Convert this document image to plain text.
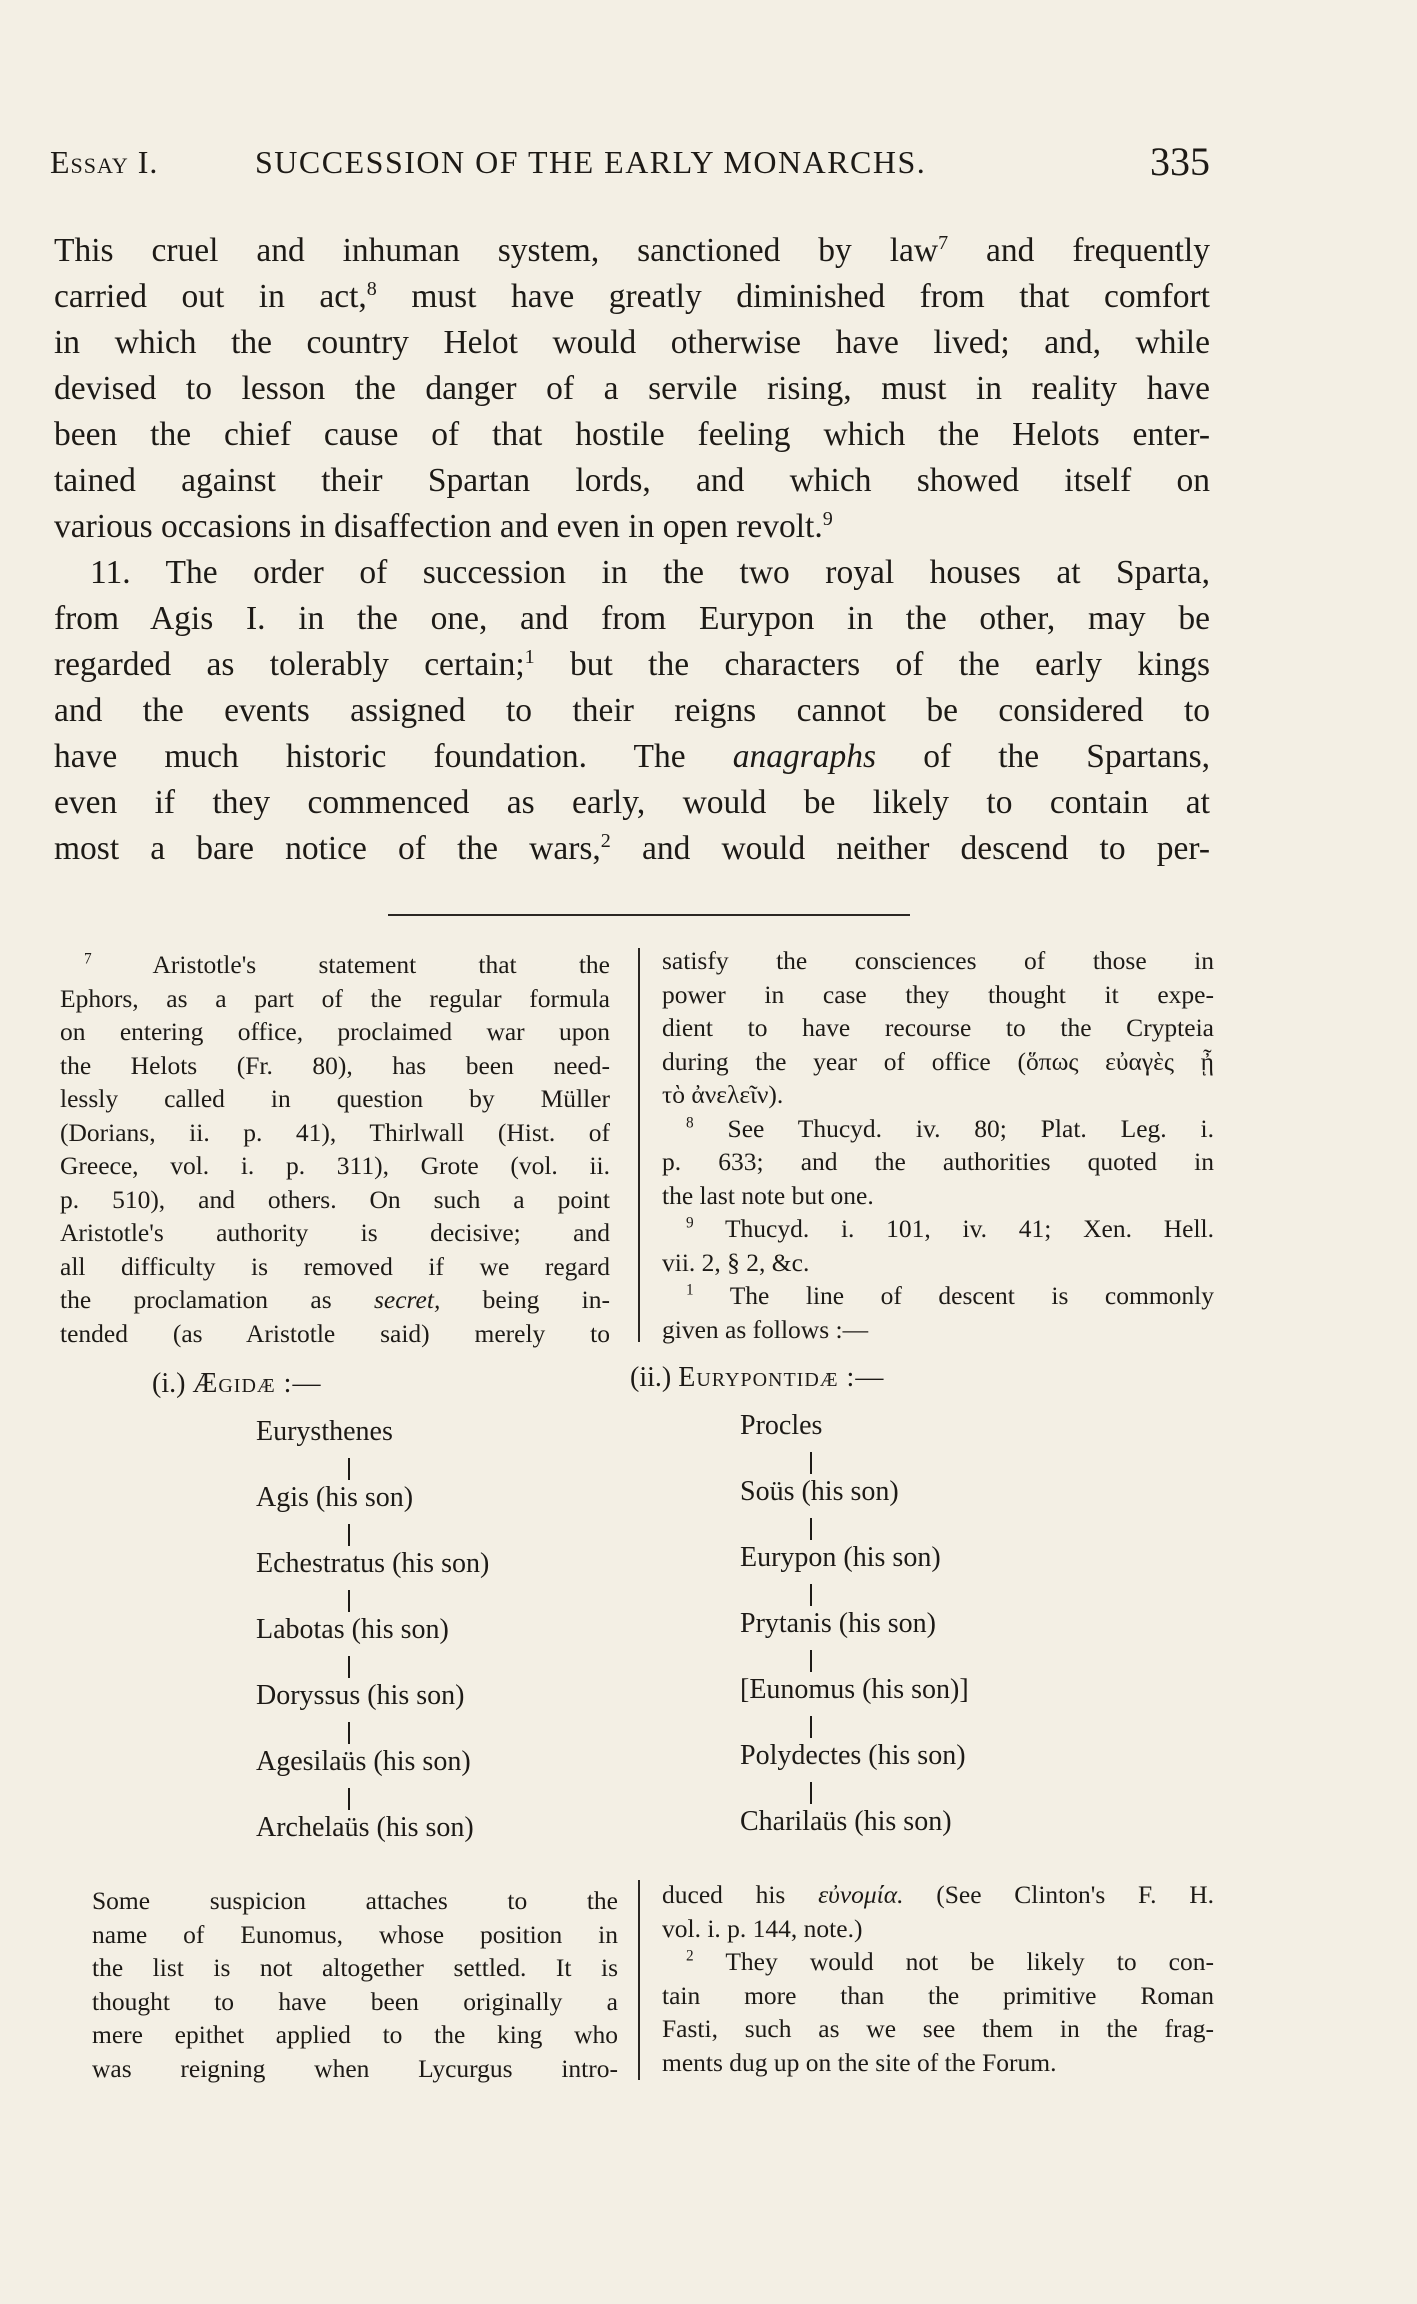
Essay I.	SUCCESSION OF THE EARLY MONARCHS.	335
This cruel and inhuman system, sanctioned by law$^7$ and frequently
carried out in act,$^8$ must have greatly diminished from that comfort
in which the country Helot would otherwise have lived; and, while
devised to lesson the danger of a servile rising, must in reality have
been the chief cause of that hostile feeling which the Helots enter-
tained against their Spartan lords, and which showed itself on
various occasions in disaffection and even in open revolt.$^9$
11. The order of succession in the two royal houses at Sparta,
from Agis I. in the one, and from Eurypon in the other, may be
regarded as tolerably certain;$^1$ but the characters of the early kings
and the events assigned to their reigns cannot be considered to
have much historic foundation. The anagraphs of the Spartans,
even if they commenced as early, would be likely to contain at
most a bare notice of the wars,$^2$ and would neither descend to per-
$^7$ Aristotle's statement that the
Ephors, as a part of the regular formula
on entering office, proclaimed war upon
the Helots (Fr. 80), has been need-
lessly called in question by Müller
(Dorians, ii. p. 41), Thirlwall (Hist. of
Greece, vol. i. p. 311), Grote (vol. ii.
p. 510), and others. On such a point
Aristotle's authority is decisive; and
all difficulty is removed if we regard
the proclamation as secret, being in-
tended (as Aristotle said) merely to
satisfy the consciences of those in
power in case they thought it expe-
dient to have recourse to the Crypteia
during the year of office (ὅπως εὐαγὲς ᾖ
τὸ ἀνελεῖν).
$^8$ See Thucyd. iv. 80; Plat. Leg. i.
p. 633; and the authorities quoted in
the last note but one.
$^9$ Thucyd. i. 101, iv. 41; Xen. Hell.
vii. 2, § 2, &c.
$^1$ The line of descent is commonly
given as follows :—
(i.) Ægidæ :—
Eurysthenes
Agis (his son)
Echestratus (his son)
Labotas (his son)
Doryssus (his son)
Agesilaüs (his son)
Archelaüs (his son)
(ii.) Eurypontidæ :—
Procles
Soüs (his son)
Eurypon (his son)
Prytanis (his son)
[Eunomus (his son)]
Polydectes (his son)
Charilaüs (his son)
Some suspicion attaches to the
name of Eunomus, whose position in
the list is not altogether settled. It is
thought to have been originally a
mere epithet applied to the king who
was reigning when Lycurgus intro-
duced his εὐνομία. (See Clinton's F. H.
vol. i. p. 144, note.)
$^2$ They would not be likely to con-
tain more than the primitive Roman
Fasti, such as we see them in the frag-
ments dug up on the site of the Forum.
